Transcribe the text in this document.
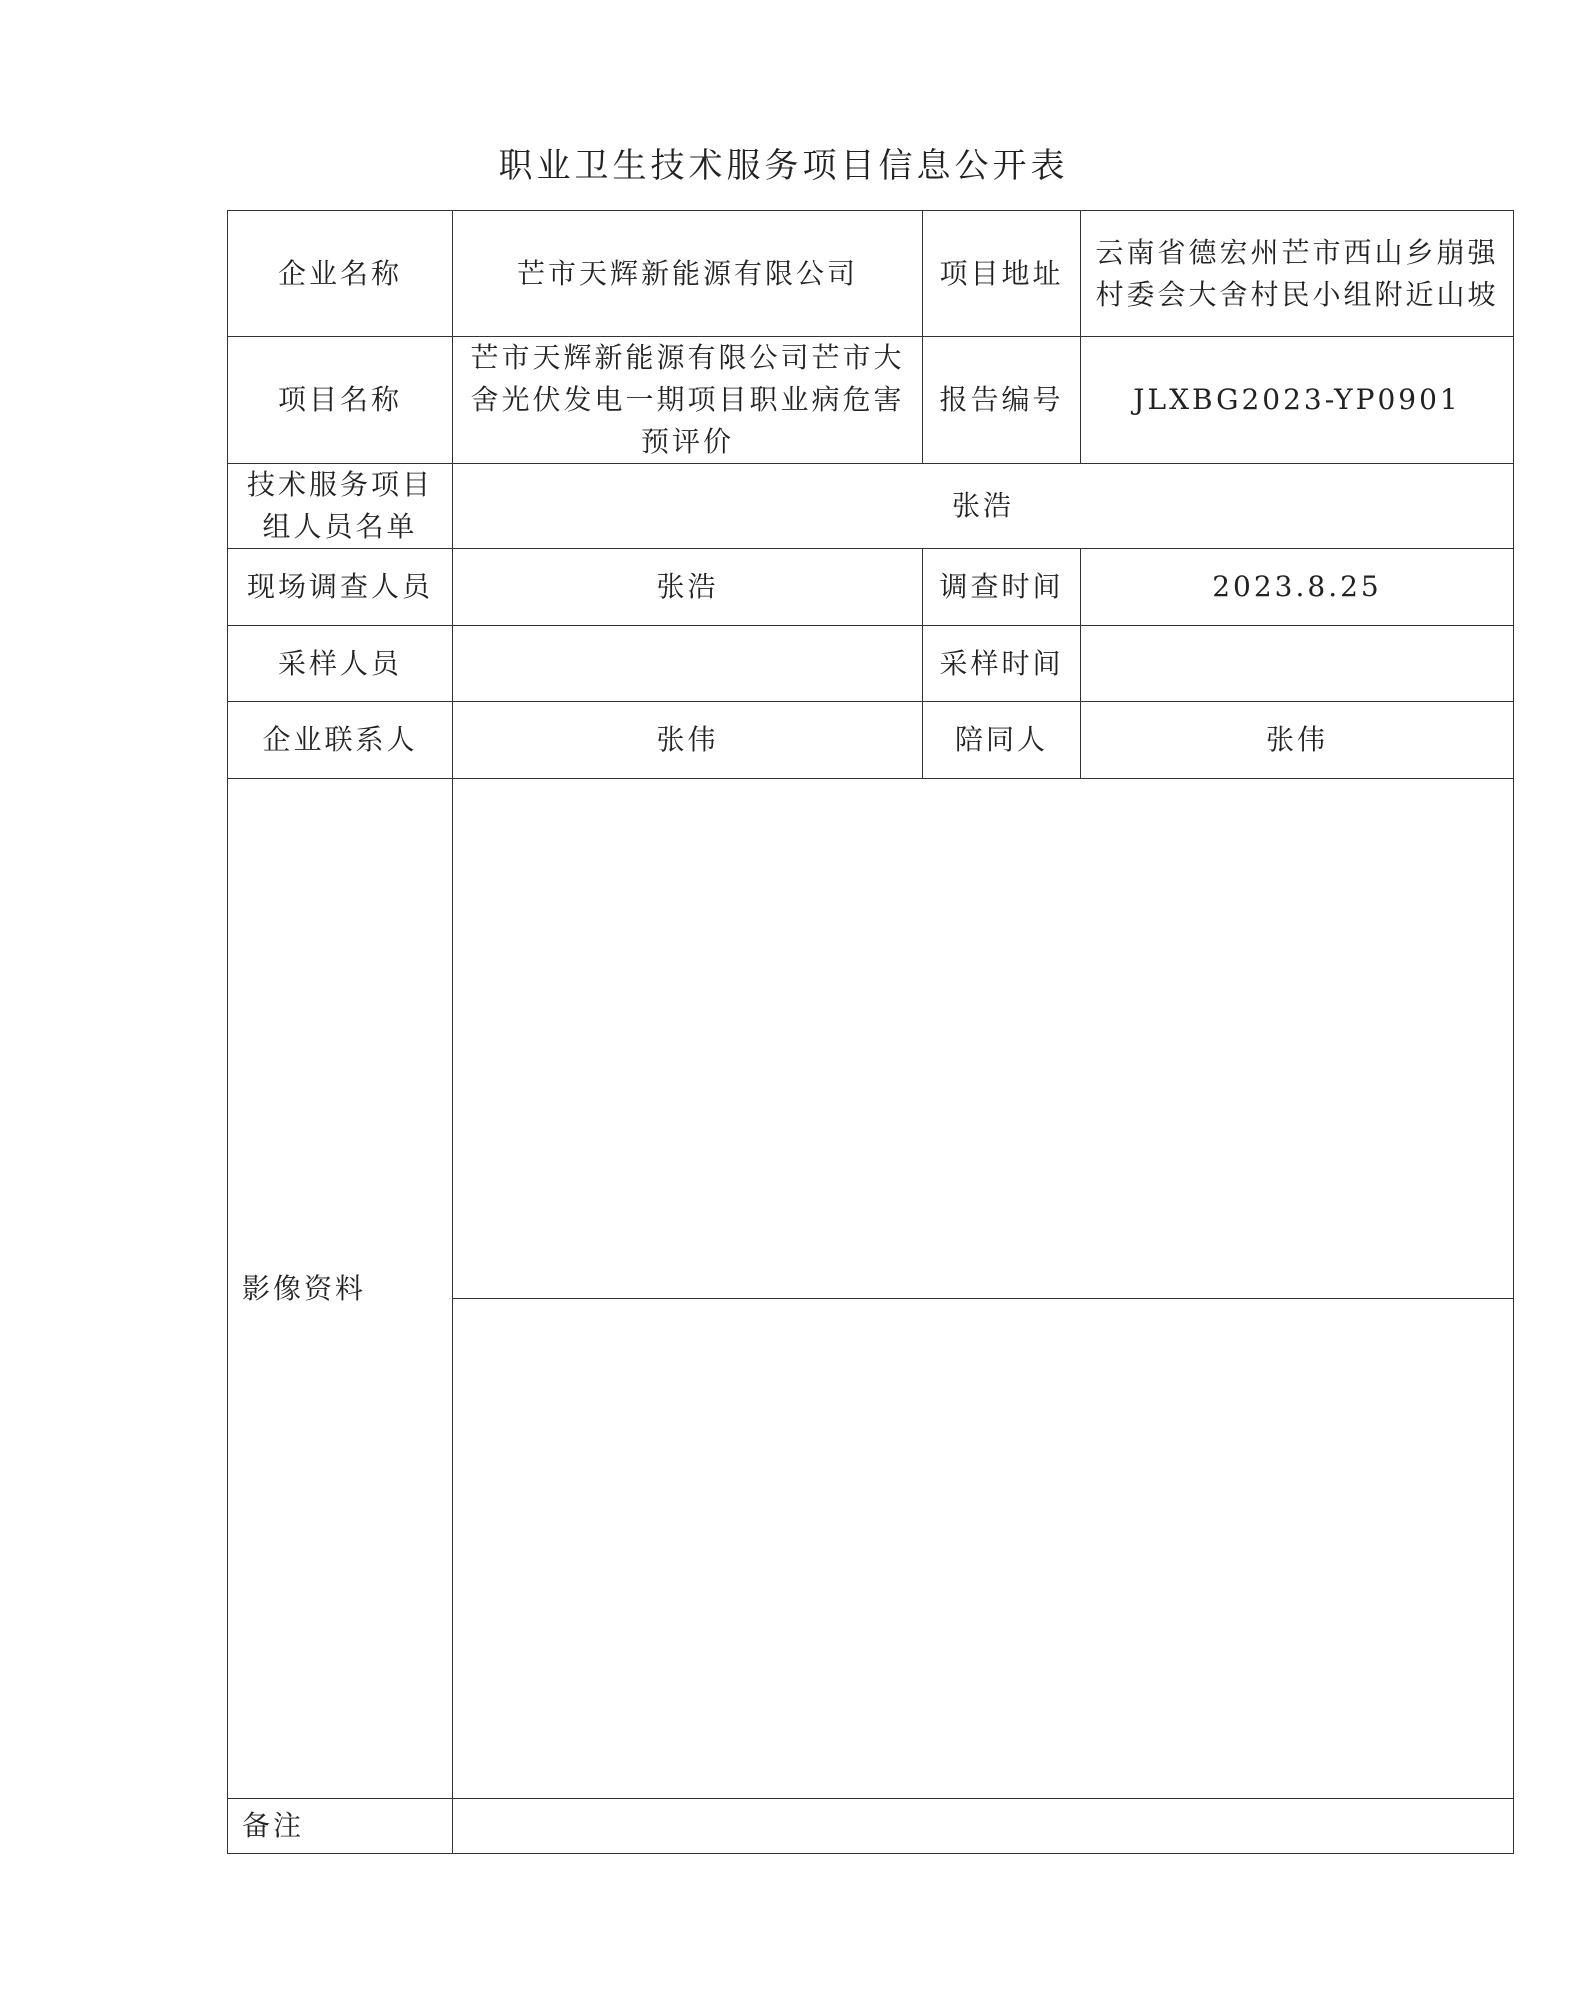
职业卫生技术服务项目信息公开表
企业名称	芒市天辉新能源有限公司	项目地址	云南省德宏州芒市西山乡崩强村委会大舍村民小组附近山坡
项目名称	芒市天辉新能源有限公司芒市大舍光伏发电一期项目职业病危害预评价	报告编号	JLXBG2023-YP0901
技术服务项目组人员名单	张浩		
现场调查人员	张浩	调查时间	2023.8.25
采样人员		采样时间	
企业联系人	张伟	陪同人	张伟
影像资料			

备注			
